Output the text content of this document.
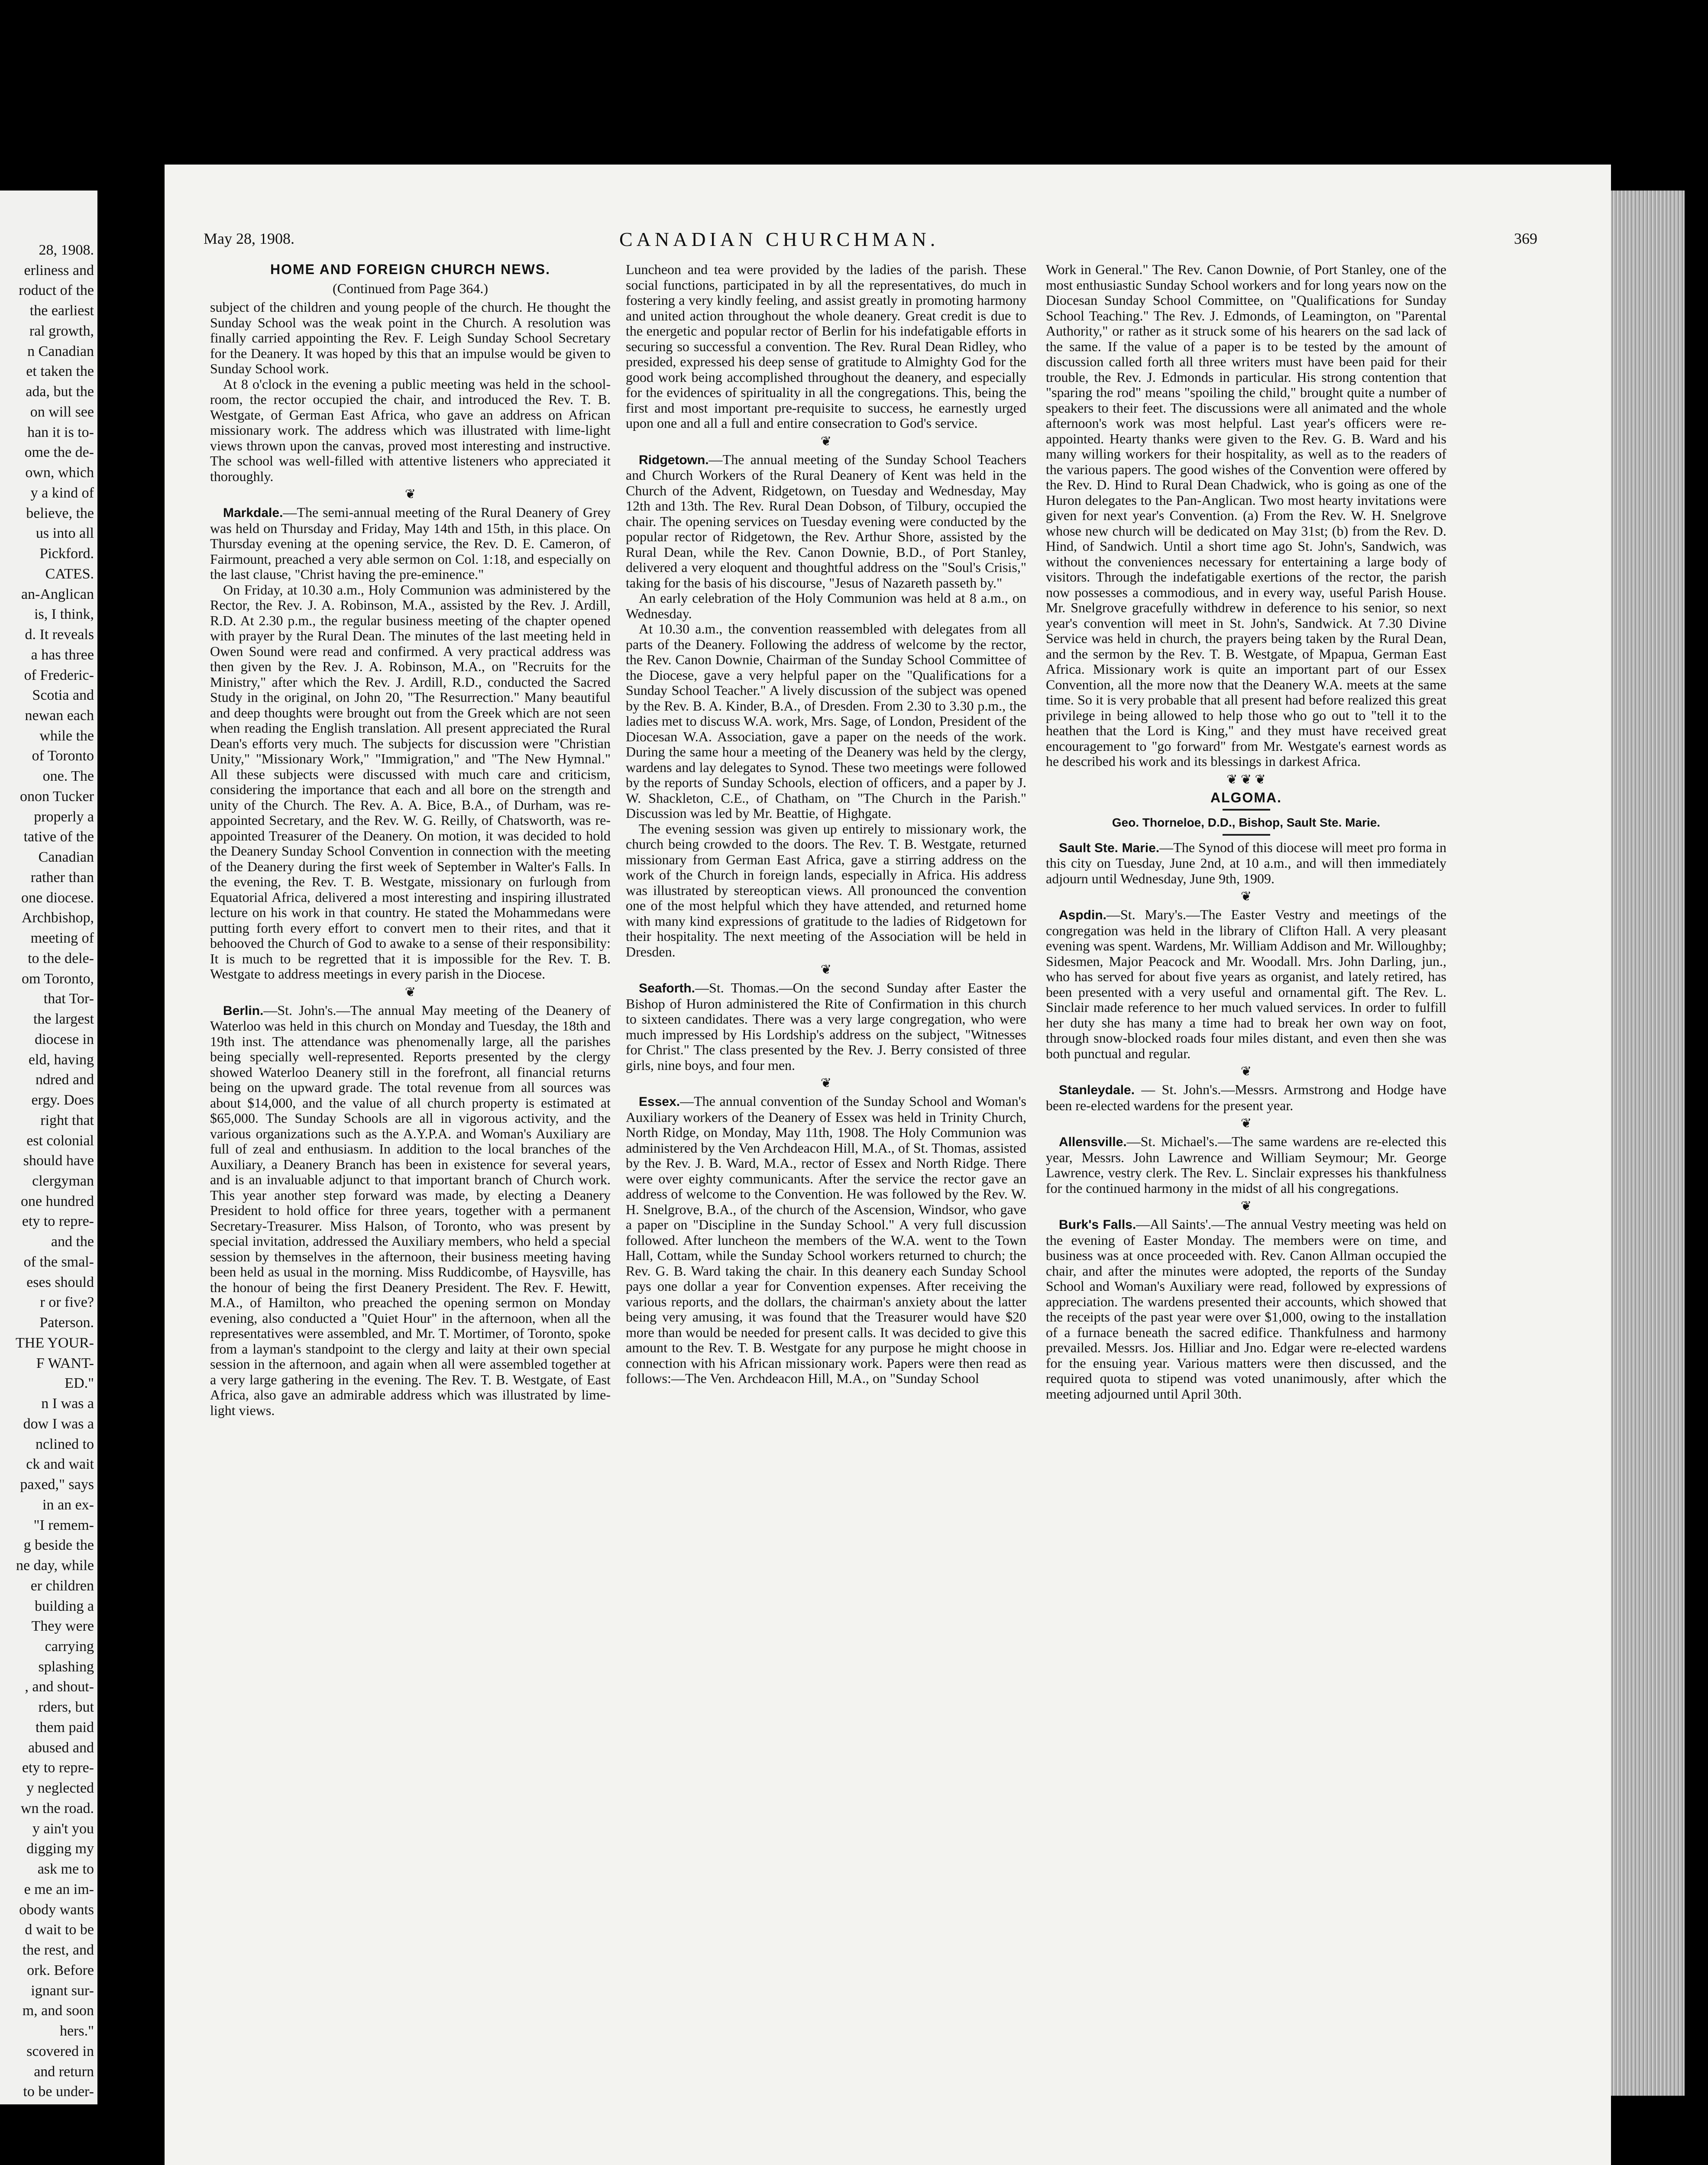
28, 1908.
erliness and
roduct of the
the earliest
ral growth,
n Canadian
et taken the
ada, but the
on will see
han it is to-
ome the de-
own, which
y a kind of
believe, the
us into all
Pickford.
CATES.
an-Anglican
is, I think,
d. It reveals
a has three
of Frederic-
Scotia and
newan each
while the
of Toronto
one. The
onon Tucker
properly a
tative of the
Canadian
rather than
one diocese.
Archbishop,
meeting of
to the dele-
om Toronto,
that Tor-
the largest
diocese in
eld, having
ndred and
ergy. Does
right that
est colonial
should have
clergyman
one hundred
ety to repre-
and the
of the smal-
eses should
r or five?
Paterson.
THE YOUR-
F WANT-
ED."
n I was a
dow I was a
nclined to
ck and wait
paxed," says
in an ex-
"I remem-
g beside the
ne day, while
er children
building a
They were
carrying
splashing
, and shout-
rders, but
them paid
abused and
ety to repre-
y neglected
wn the road.
y ain't you
digging my
ask me to
e me an im-
obody wants
d wait to be
the rest, and
ork. Before
ignant sur-
m, and soon
hers."
scovered in
and return
to be under-
May 28, 1908.	CANADIAN CHURCHMAN.	369
HOME AND FOREIGN CHURCH NEWS.
(Continued from Page 364.)

subject of the children and young people of the church. He thought the Sunday School was the weak point in the Church. A resolution was finally carried appointing the Rev. F. Leigh Sunday School Secretary for the Deanery. It was hoped by this that an impulse would be given to Sunday School work.

At 8 o'clock in the evening a public meeting was held in the school-room, the rector occupied the chair, and introduced the Rev. T. B. Westgate, of German East Africa, who gave an address on African missionary work. The address which was illustrated with lime-light views thrown upon the canvas, proved most interesting and instructive. The school was well-filled with attentive listeners who appreciated it thoroughly.

❦

Markdale.—The semi-annual meeting of the Rural Deanery of Grey was held on Thursday and Friday, May 14th and 15th, in this place. On Thursday evening at the opening service, the Rev. D. E. Cameron, of Fairmount, preached a very able sermon on Col. 1:18, and especially on the last clause, "Christ having the pre-eminence."

On Friday, at 10.30 a.m., Holy Communion was administered by the Rector, the Rev. J. A. Robinson, M.A., assisted by the Rev. J. Ardill, R.D. At 2.30 p.m., the regular business meeting of the chapter opened with prayer by the Rural Dean. The minutes of the last meeting held in Owen Sound were read and confirmed. A very practical address was then given by the Rev. J. A. Robinson, M.A., on "Recruits for the Ministry," after which the Rev. J. Ardill, R.D., conducted the Sacred Study in the original, on John 20, "The Resurrection." Many beautiful and deep thoughts were brought out from the Greek which are not seen when reading the English translation. All present appreciated the Rural Dean's efforts very much. The subjects for discussion were "Christian Unity," "Missionary Work," "Immigration," and "The New Hymnal." All these subjects were discussed with much care and criticism, considering the importance that each and all bore on the strength and unity of the Church. The Rev. A. A. Bice, B.A., of Durham, was re-appointed Secretary, and the Rev. W. G. Reilly, of Chatsworth, was re-appointed Treasurer of the Deanery. On motion, it was decided to hold the Deanery Sunday School Convention in connection with the meeting of the Deanery during the first week of September in Walter's Falls. In the evening, the Rev. T. B. Westgate, missionary on furlough from Equatorial Africa, delivered a most interesting and inspiring illustrated lecture on his work in that country. He stated the Mohammedans were putting forth every effort to convert men to their rites, and that it behooved the Church of God to awake to a sense of their responsibility: It is much to be regretted that it is impossible for the Rev. T. B. Westgate to address meetings in every parish in the Diocese.

❦

Berlin.—St. John's.—The annual May meeting of the Deanery of Waterloo was held in this church on Monday and Tuesday, the 18th and 19th inst. The attendance was phenomenally large, all the parishes being specially well-represented. Reports presented by the clergy showed Waterloo Deanery still in the forefront, all financial returns being on the upward grade. The total revenue from all sources was about $14,000, and the value of all church property is estimated at $65,000. The Sunday Schools are all in vigorous activity, and the various organizations such as the A.Y.P.A. and Woman's Auxiliary are full of zeal and enthusiasm. In addition to the local branches of the Auxiliary, a Deanery Branch has been in existence for several years, and is an invaluable adjunct to that important branch of Church work. This year another step forward was made, by electing a Deanery President to hold office for three years, together with a permanent Secretary-Treasurer. Miss Halson, of Toronto, who was present by special invitation, addressed the Auxiliary members, who held a special session by themselves in the afternoon, their business meeting having been held as usual in the morning. Miss Ruddicombe, of Haysville, has the honour of being the first Deanery President. The Rev. F. Hewitt, M.A., of Hamilton, who preached the opening sermon on Monday evening, also conducted a "Quiet Hour" in the afternoon, when all the representatives were assembled, and Mr. T. Mortimer, of Toronto, spoke from a layman's standpoint to the clergy and laity at their own special session in the afternoon, and again when all were assembled together at a very large gathering in the evening. The Rev. T. B. Westgate, of East Africa, also gave an admirable address which was illustrated by lime-light views.

Luncheon and tea were provided by the ladies of the parish. These social functions, participated in by all the representatives, do much in fostering a very kindly feeling, and assist greatly in promoting harmony and united action throughout the whole deanery. Great credit is due to the energetic and popular rector of Berlin for his indefatigable efforts in securing so successful a convention. The Rev. Rural Dean Ridley, who presided, expressed his deep sense of gratitude to Almighty God for the good work being accomplished throughout the deanery, and especially for the evidences of spirituality in all the congregations. This, being the first and most important pre-requisite to success, he earnestly urged upon one and all a full and entire consecration to God's service.

❦

Ridgetown.—The annual meeting of the Sunday School Teachers and Church Workers of the Rural Deanery of Kent was held in the Church of the Advent, Ridgetown, on Tuesday and Wednesday, May 12th and 13th. The Rev. Rural Dean Dobson, of Tilbury, occupied the chair. The opening services on Tuesday evening were conducted by the popular rector of Ridgetown, the Rev. Arthur Shore, assisted by the Rural Dean, while the Rev. Canon Downie, B.D., of Port Stanley, delivered a very eloquent and thoughtful address on the "Soul's Crisis," taking for the basis of his discourse, "Jesus of Nazareth passeth by."

An early celebration of the Holy Communion was held at 8 a.m., on Wednesday.

At 10.30 a.m., the convention reassembled with delegates from all parts of the Deanery. Following the address of welcome by the rector, the Rev. Canon Downie, Chairman of the Sunday School Committee of the Diocese, gave a very helpful paper on the "Qualifications for a Sunday School Teacher." A lively discussion of the subject was opened by the Rev. B. A. Kinder, B.A., of Dresden. From 2.30 to 3.30 p.m., the ladies met to discuss W.A. work, Mrs. Sage, of London, President of the Diocesan W.A. Association, gave a paper on the needs of the work. During the same hour a meeting of the Deanery was held by the clergy, wardens and lay delegates to Synod. These two meetings were followed by the reports of Sunday Schools, election of officers, and a paper by J. W. Shackleton, C.E., of Chatham, on "The Church in the Parish." Discussion was led by Mr. Beattie, of Highgate.

The evening session was given up entirely to missionary work, the church being crowded to the doors. The Rev. T. B. Westgate, returned missionary from German East Africa, gave a stirring address on the work of the Church in foreign lands, especially in Africa. His address was illustrated by stereoptican views. All pronounced the convention one of the most helpful which they have attended, and returned home with many kind expressions of gratitude to the ladies of Ridgetown for their hospitality. The next meeting of the Association will be held in Dresden.

❦

Seaforth.—St. Thomas.—On the second Sunday after Easter the Bishop of Huron administered the Rite of Confirmation in this church to sixteen candidates. There was a very large congregation, who were much impressed by His Lordship's address on the subject, "Witnesses for Christ." The class presented by the Rev. J. Berry consisted of three girls, nine boys, and four men.

❦

Essex.—The annual convention of the Sunday School and Woman's Auxiliary workers of the Deanery of Essex was held in Trinity Church, North Ridge, on Monday, May 11th, 1908. The Holy Communion was administered by the Ven Archdeacon Hill, M.A., of St. Thomas, assisted by the Rev. J. B. Ward, M.A., rector of Essex and North Ridge. There were over eighty communicants. After the service the rector gave an address of welcome to the Convention. He was followed by the Rev. W. H. Snelgrove, B.A., of the church of the Ascension, Windsor, who gave a paper on "Discipline in the Sunday School." A very full discussion followed. After luncheon the members of the W.A. went to the Town Hall, Cottam, while the Sunday School workers returned to church; the Rev. G. B. Ward taking the chair. In this deanery each Sunday School pays one dollar a year for Convention expenses. After receiving the various reports, and the dollars, the chairman's anxiety about the latter being very amusing, it was found that the Treasurer would have $20 more than would be needed for present calls. It was decided to give this amount to the Rev. T. B. Westgate for any purpose he might choose in connection with his African missionary work. Papers were then read as follows:—The Ven. Archdeacon Hill, M.A., on "Sunday School

Work in General." The Rev. Canon Downie, of Port Stanley, one of the most enthusiastic Sunday School workers and for long years now on the Diocesan Sunday School Committee, on "Qualifications for Sunday School Teaching." The Rev. J. Edmonds, of Leamington, on "Parental Authority," or rather as it struck some of his hearers on the sad lack of the same. If the value of a paper is to be tested by the amount of discussion called forth all three writers must have been paid for their trouble, the Rev. J. Edmonds in particular. His strong contention that "sparing the rod" means "spoiling the child," brought quite a number of speakers to their feet. The discussions were all animated and the whole afternoon's work was most helpful. Last year's officers were re-appointed. Hearty thanks were given to the Rev. G. B. Ward and his many willing workers for their hospitality, as well as to the readers of the various papers. The good wishes of the Convention were offered by the Rev. D. Hind to Rural Dean Chadwick, who is going as one of the Huron delegates to the Pan-Anglican. Two most hearty invitations were given for next year's Convention. (a) From the Rev. W. H. Snelgrove whose new church will be dedicated on May 31st; (b) from the Rev. D. Hind, of Sandwich. Until a short time ago St. John's, Sandwich, was without the conveniences necessary for entertaining a large body of visitors. Through the indefatigable exertions of the rector, the parish now possesses a commodious, and in every way, useful Parish House. Mr. Snelgrove gracefully withdrew in deference to his senior, so next year's convention will meet in St. John's, Sandwick. At 7.30 Divine Service was held in church, the prayers being taken by the Rural Dean, and the sermon by the Rev. T. B. Westgate, of Mpapua, German East Africa. Missionary work is quite an important part of our Essex Convention, all the more now that the Deanery W.A. meets at the same time. So it is very probable that all present had before realized this great privilege in being allowed to help those who go out to "tell it to the heathen that the Lord is King," and they must have received great encouragement to "go forward" from Mr. Westgate's earnest words as he described his work and its blessings in darkest Africa.

❦ ❦ ❦
ALGOMA.
Geo. Thorneloe, D.D., Bishop, Sault Ste. Marie.

Sault Ste. Marie.—The Synod of this diocese will meet pro forma in this city on Tuesday, June 2nd, at 10 a.m., and will then immediately adjourn until Wednesday, June 9th, 1909.

❦

Aspdin.—St. Mary's.—The Easter Vestry and meetings of the congregation was held in the library of Clifton Hall. A very pleasant evening was spent. Wardens, Mr. William Addison and Mr. Willoughby; Sidesmen, Major Peacock and Mr. Woodall. Mrs. John Darling, jun., who has served for about five years as organist, and lately retired, has been presented with a very useful and ornamental gift. The Rev. L. Sinclair made reference to her much valued services. In order to fulfill her duty she has many a time had to break her own way on foot, through snow-blocked roads four miles distant, and even then she was both punctual and regular.

❦

Stanleydale. — St. John's.—Messrs. Armstrong and Hodge have been re-elected wardens for the present year.

❦

Allensville.—St. Michael's.—The same wardens are re-elected this year, Messrs. John Lawrence and William Seymour; Mr. George Lawrence, vestry clerk. The Rev. L. Sinclair expresses his thankfulness for the continued harmony in the midst of all his congregations.

❦

Burk's Falls.—All Saints'.—The annual Vestry meeting was held on the evening of Easter Monday. The members were on time, and business was at once proceeded with. Rev. Canon Allman occupied the chair, and after the minutes were adopted, the reports of the Sunday School and Woman's Auxiliary were read, followed by expressions of appreciation. The wardens presented their accounts, which showed that the receipts of the past year were over $1,000, owing to the installation of a furnace beneath the sacred edifice. Thankfulness and harmony prevailed. Messrs. Jos. Hilliar and Jno. Edgar were re-elected wardens for the ensuing year. Various matters were then discussed, and the required quota to stipend was voted unanimously, after which the meeting adjourned until April 30th.
